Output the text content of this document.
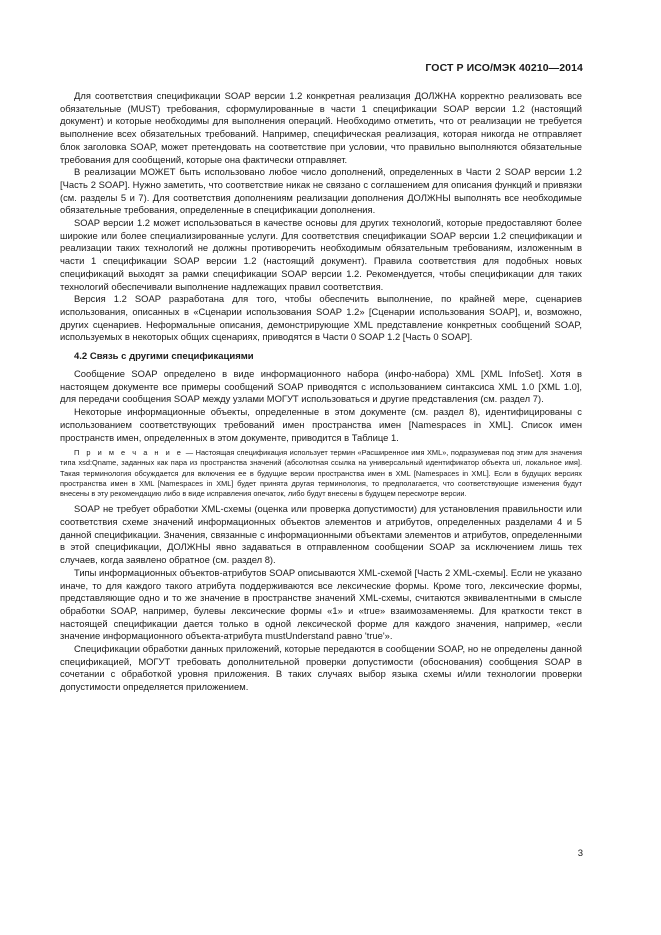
ГОСТ Р ИСО/МЭК 40210—2014

Для соответствия спецификации SOAP версии 1.2 конкретная реализация ДОЛЖНА корректно реализовать все обязательные (MUST) требования, сформулированные в части 1 спецификации SOAP версии 1.2 (настоящий документ) и которые необходимы для выполнения операций. Необходимо отметить, что от реализации не требуется выполнение всех обязательных требований. Например, специфическая реализация, которая никогда не отправляет блок заголовка SOAP, может претендовать на соответствие при условии, что правильно выполняются обязательные требования для сообщений, которые она фактически отправляет.

В реализации МОЖЕТ быть использовано любое число дополнений, определенных в Части 2 SOAP версии 1.2 [Часть 2 SOAP]. Нужно заметить, что соответствие никак не связано с соглашением для описания функций и привязки (см. разделы 5 и 7). Для соответствия дополнениям реализации дополнения ДОЛЖНЫ выполнять все необходимые обязательные требования, определенные в спецификации дополнения.

SOAP версии 1.2 может использоваться в качестве основы для других технологий, которые предоставляют более широкие или более специализированные услуги. Для соответствия спецификации SOAP версии 1.2 спецификации и реализации таких технологий не должны противоречить необходимым обязательным требованиям, изложенным в части 1 спецификации SOAP версии 1.2 (настоящий документ). Правила соответствия для подобных новых спецификаций выходят за рамки спецификации SOAP версии 1.2. Рекомендуется, чтобы спецификации для таких технологий обеспечивали выполнение надлежащих правил соответствия.

Версия 1.2 SOAP разработана для того, чтобы обеспечить выполнение, по крайней мере, сценариев использования, описанных в «Сценарии использования SOAP 1.2» [Сценарии использования SOAP], и, возможно, других сценариев. Неформальные описания, демонстрирующие XML представление конкретных сообщений SOAP, используемых в некоторых общих сценариях, приводятся в Части 0 SOAP 1.2 [Часть 0 SOAP].

4.2 Связь с другими спецификациями

Сообщение SOAP определено в виде информационного набора (инфо-набора) XML [XML InfoSet]. Хотя в настоящем документе все примеры сообщений SOAP приводятся с использованием синтаксиса XML 1.0 [XML 1.0], для передачи сообщения SOAP между узлами МОГУТ использоваться и другие представления (см. раздел 7).

Некоторые информационные объекты, определенные в этом документе (см. раздел 8), идентифицированы с использованием соответствующих требований имен пространства имен [Namespaces in XML]. Список имен пространств имен, определенных в этом документе, приводится в Таблице 1.

П р и м е ч а н и е — Настоящая спецификация использует термин «Расширенное имя XML», подразумевая под этим для значения типа xsd:Qname, заданных как пара из пространства значений (абсолютная ссылка на универсальный идентификатор объекта uri, локальное имя]. Такая терминология обсуждается для включения ее в будущие версии пространства имен в XML [Namespaces in XML]. Если в будущих версиях пространства имен в XML [Namespaces in XML] будет принята другая терминология, то предполагается, что соответствующие изменения будут внесены в эту рекомендацию либо в виде исправления опечаток, либо будут внесены в будущем пересмотре версии.

SOAP не требует обработки XML-схемы (оценка или проверка допустимости) для установления правильности или соответствия схеме значений информационных объектов элементов и атрибутов, определенных разделами 4 и 5 данной спецификации. Значения, связанные с информационными объектами элементов и атрибутов, определенными в этой спецификации, ДОЛЖНЫ явно задаваться в отправленном сообщении SOAP за исключением лишь тех случаев, когда заявлено обратное (см. раздел 8).

Типы информационных объектов-атрибутов SOAP описываются XML-схемой [Часть 2 XML-схемы]. Если не указано иначе, то для каждого такого атрибута поддерживаются все лексические формы. Кроме того, лексические формы, представляющие одно и то же значение в пространстве значений XML-схемы, считаются эквивалентными в смысле обработки SOAP, например, булевы лексические формы «1» и «true» взаимозаменяемы. Для краткости текст в настоящей спецификации дается только в одной лексической форме для каждого значения, например, «если значение информационного объекта-атрибута mustUnderstand равно 'true'».

Спецификации обработки данных приложений, которые передаются в сообщении SOAP, но не определены данной спецификацией, МОГУТ требовать дополнительной проверки допустимости (обоснования) сообщения SOAP в сочетании с обработкой уровня приложения. В таких случаях выбор языка схемы и/или технологии проверки допустимости определяется приложением.

3
